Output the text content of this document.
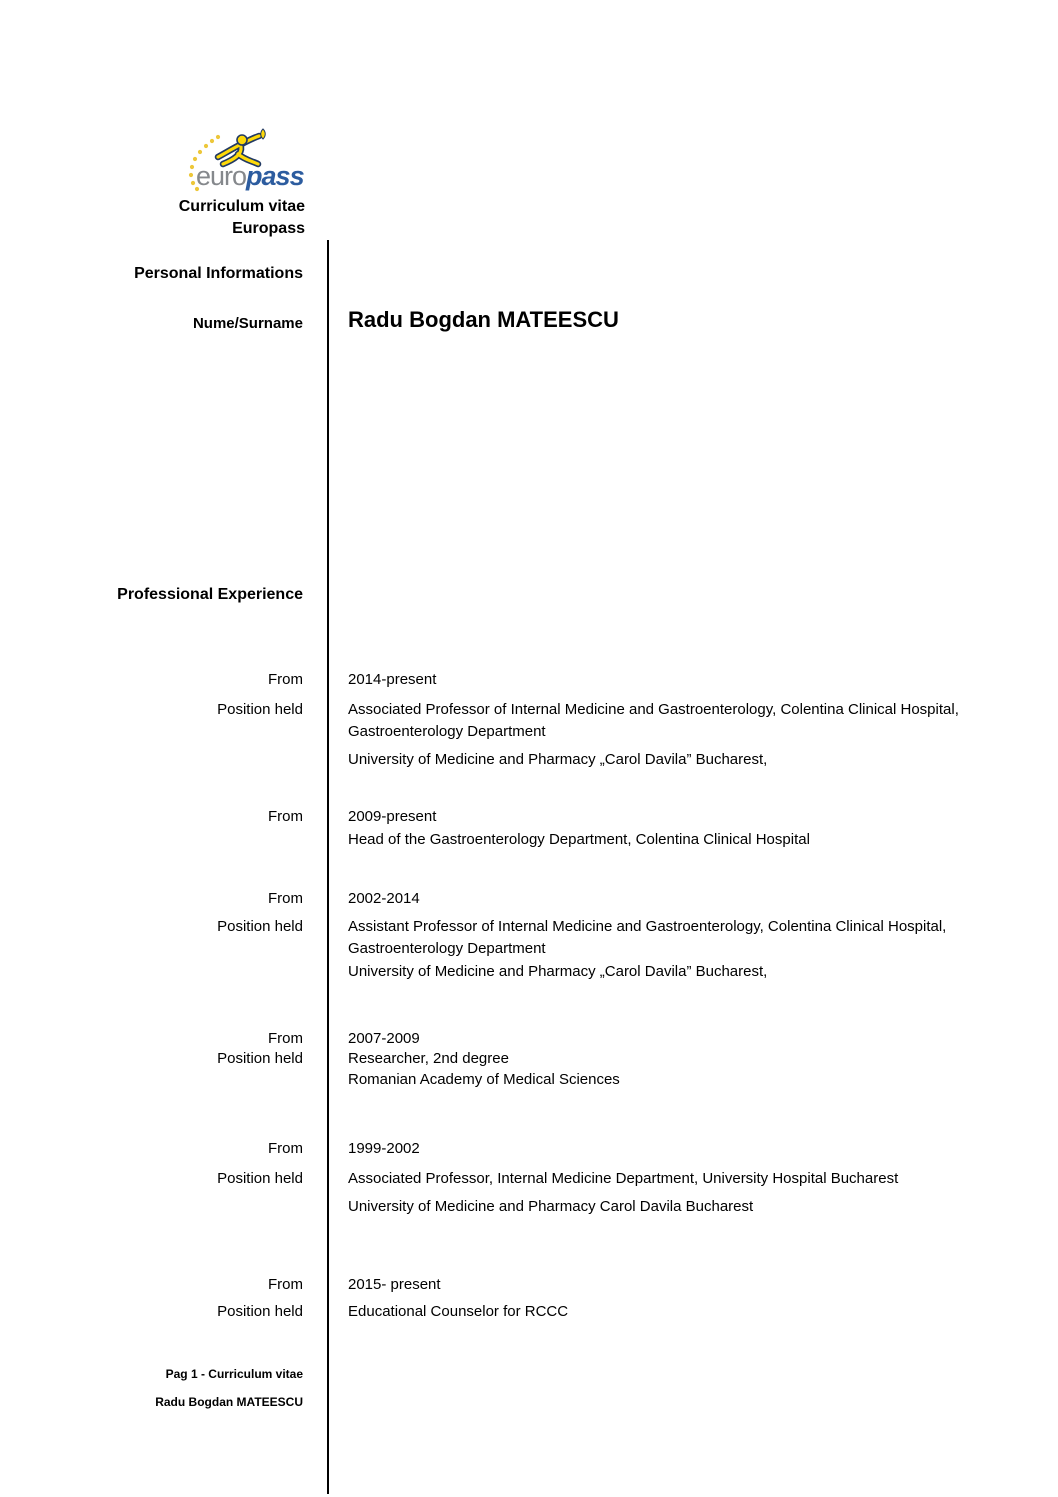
europass
Curriculum vitae
Europass
Personal Informations
Nume/Surname Radu Bogdan MATEESCU
Professional Experience
From	2014-present
Position held	Associated Professor of Internal Medicine and Gastroenterology, Colentina Clinical Hospital, Gastroenterology Department
University of Medicine and Pharmacy „Carol Davila” Bucharest,
From	2009-present
Head of the Gastroenterology Department, Colentina Clinical Hospital
From	2002-2014
Position held	Assistant Professor of Internal Medicine and Gastroenterology, Colentina Clinical Hospital, Gastroenterology Department
University of Medicine and Pharmacy „Carol Davila” Bucharest,
From	2007-2009
Position held	Researcher, 2nd degree
Romanian Academy of Medical Sciences
From	1999-2002
Position held	Associated Professor, Internal Medicine Department, University Hospital Bucharest
University of Medicine and Pharmacy Carol Davila Bucharest
From	2015- present
Position held	Educational Counselor for RCCC
Pag 1 - Curriculum vitae
Radu Bogdan MATEESCU
